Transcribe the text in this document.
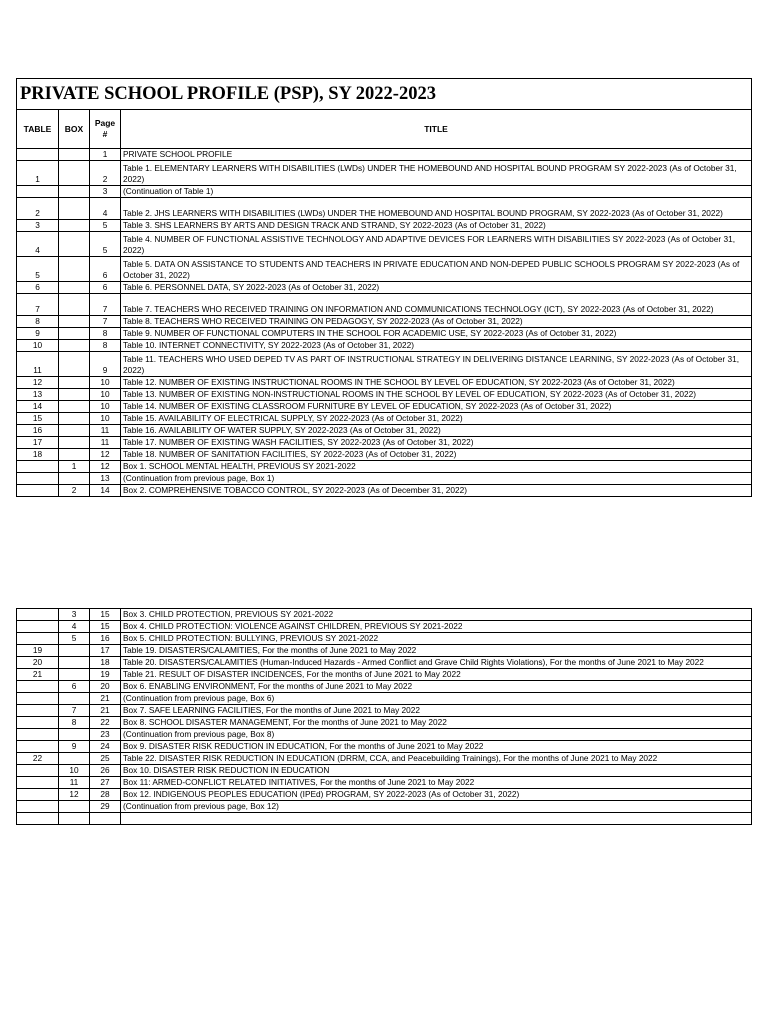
PRIVATE SCHOOL PROFILE (PSP), SY 2022-2023			
TABLE	BOX	Page #	TITLE
		1	PRIVATE SCHOOL PROFILE
1		2	Table 1. ELEMENTARY LEARNERS WITH DISABILITIES (LWDs) UNDER THE HOMEBOUND AND HOSPITAL BOUND PROGRAM SY 2022-2023 (As of October 31, 2022)
		3	(Continuation of Table 1)
2		4	Table 2. JHS LEARNERS WITH DISABILITIES (LWDs) UNDER THE HOMEBOUND AND HOSPITAL BOUND PROGRAM, SY 2022-2023 (As of October 31, 2022)
3		5	Table 3. SHS LEARNERS BY ARTS AND DESIGN TRACK AND STRAND, SY 2022-2023 (As of October 31, 2022)
4		5	Table 4. NUMBER OF FUNCTIONAL ASSISTIVE TECHNOLOGY AND ADAPTIVE DEVICES FOR LEARNERS WITH DISABILITIES SY 2022-2023 (As of October 31, 2022)
5		6	Table 5. DATA ON ASSISTANCE TO STUDENTS AND TEACHERS IN PRIVATE EDUCATION AND NON-DEPED PUBLIC SCHOOLS PROGRAM SY 2022-2023 (As of October 31, 2022)
6		6	Table 6. PERSONNEL DATA, SY 2022-2023 (As of October 31, 2022)
7		7	Table 7. TEACHERS WHO RECEIVED TRAINING ON INFORMATION AND COMMUNICATIONS TECHNOLOGY (ICT), SY 2022-2023 (As of October 31, 2022)
8		7	Table 8. TEACHERS WHO RECEIVED TRAINING ON PEDAGOGY, SY 2022-2023 (As of October 31, 2022)
9		8	Table 9. NUMBER OF FUNCTIONAL COMPUTERS IN THE SCHOOL FOR ACADEMIC USE, SY 2022-2023 (As of October 31, 2022)
10		8	Table 10. INTERNET CONNECTIVITY, SY 2022-2023 (As of October 31, 2022)
11		9	Table 11. TEACHERS WHO USED DEPED TV AS PART OF INSTRUCTIONAL STRATEGY IN DELIVERING DISTANCE LEARNING, SY 2022-2023 (As of October 31, 2022)
12		10	Table 12. NUMBER OF EXISTING INSTRUCTIONAL ROOMS IN THE SCHOOL BY LEVEL OF EDUCATION, SY 2022-2023 (As of October 31, 2022)
13		10	Table 13. NUMBER OF EXISTING NON-INSTRUCTIONAL ROOMS IN THE SCHOOL BY LEVEL OF EDUCATION, SY 2022-2023 (As of October 31, 2022)
14		10	Table 14. NUMBER OF EXISTING CLASSROOM FURNITURE BY LEVEL OF EDUCATION, SY 2022-2023 (As of October 31, 2022)
15		10	Table 15. AVAILABILITY OF ELECTRICAL SUPPLY, SY 2022-2023 (As of October 31, 2022)
16		11	Table 16. AVAILABILITY OF WATER SUPPLY, SY 2022-2023 (As of October 31, 2022)
17		11	Table 17. NUMBER OF EXISTING WASH FACILITIES, SY 2022-2023 (As of October 31, 2022)
18		12	Table 18. NUMBER OF SANITATION FACILITIES, SY 2022-2023 (As of October 31, 2022)
	1	12	Box 1. SCHOOL MENTAL HEALTH, PREVIOUS SY 2021-2022
		13	(Continuation from previous page, Box 1)
	2	14	Box 2. COMPREHENSIVE TOBACCO CONTROL, SY 2022-2023 (As of December 31, 2022)
	3	15	Box 3. CHILD PROTECTION, PREVIOUS SY 2021-2022
	4	15	Box 4. CHILD PROTECTION: VIOLENCE AGAINST CHILDREN, PREVIOUS SY 2021-2022
	5	16	Box 5. CHILD PROTECTION: BULLYING, PREVIOUS SY 2021-2022
19		17	Table 19. DISASTERS/CALAMITIES, For the months of June 2021 to May 2022
20		18	Table 20. DISASTERS/CALAMITIES (Human-Induced Hazards - Armed Conflict and Grave Child Rights Violations), For the months of June 2021 to May 2022
21		19	Table 21. RESULT OF DISASTER INCIDENCES, For the months of June 2021 to May 2022
	6	20	Box 6. ENABLING ENVIRONMENT, For the months of June 2021 to May 2022
		21	(Continuation from previous page, Box 6)
	7	21	Box 7. SAFE LEARNING FACILITIES, For the months of June 2021 to May 2022
	8	22	Box 8. SCHOOL DISASTER MANAGEMENT, For the months of June 2021 to May 2022
		23	(Continuation from previous page, Box 8)
	9	24	Box 9. DISASTER RISK REDUCTION IN EDUCATION, For the months of June 2021 to May 2022
22		25	Table 22. DISASTER RISK REDUCTION IN EDUCATION (DRRM, CCA, and Peacebuilding Trainings), For the months of June 2021 to May 2022
	10	26	Box 10. DISASTER RISK REDUCTION IN EDUCATION
	11	27	Box 11: ARMED-CONFLICT RELATED INITIATIVES, For the months of June 2021 to May 2022
	12	28	Box 12. INDIGENOUS PEOPLES EDUCATION (IPEd) PROGRAM, SY 2022-2023 (As of October 31, 2022)
		29	(Continuation from previous page, Box 12)
